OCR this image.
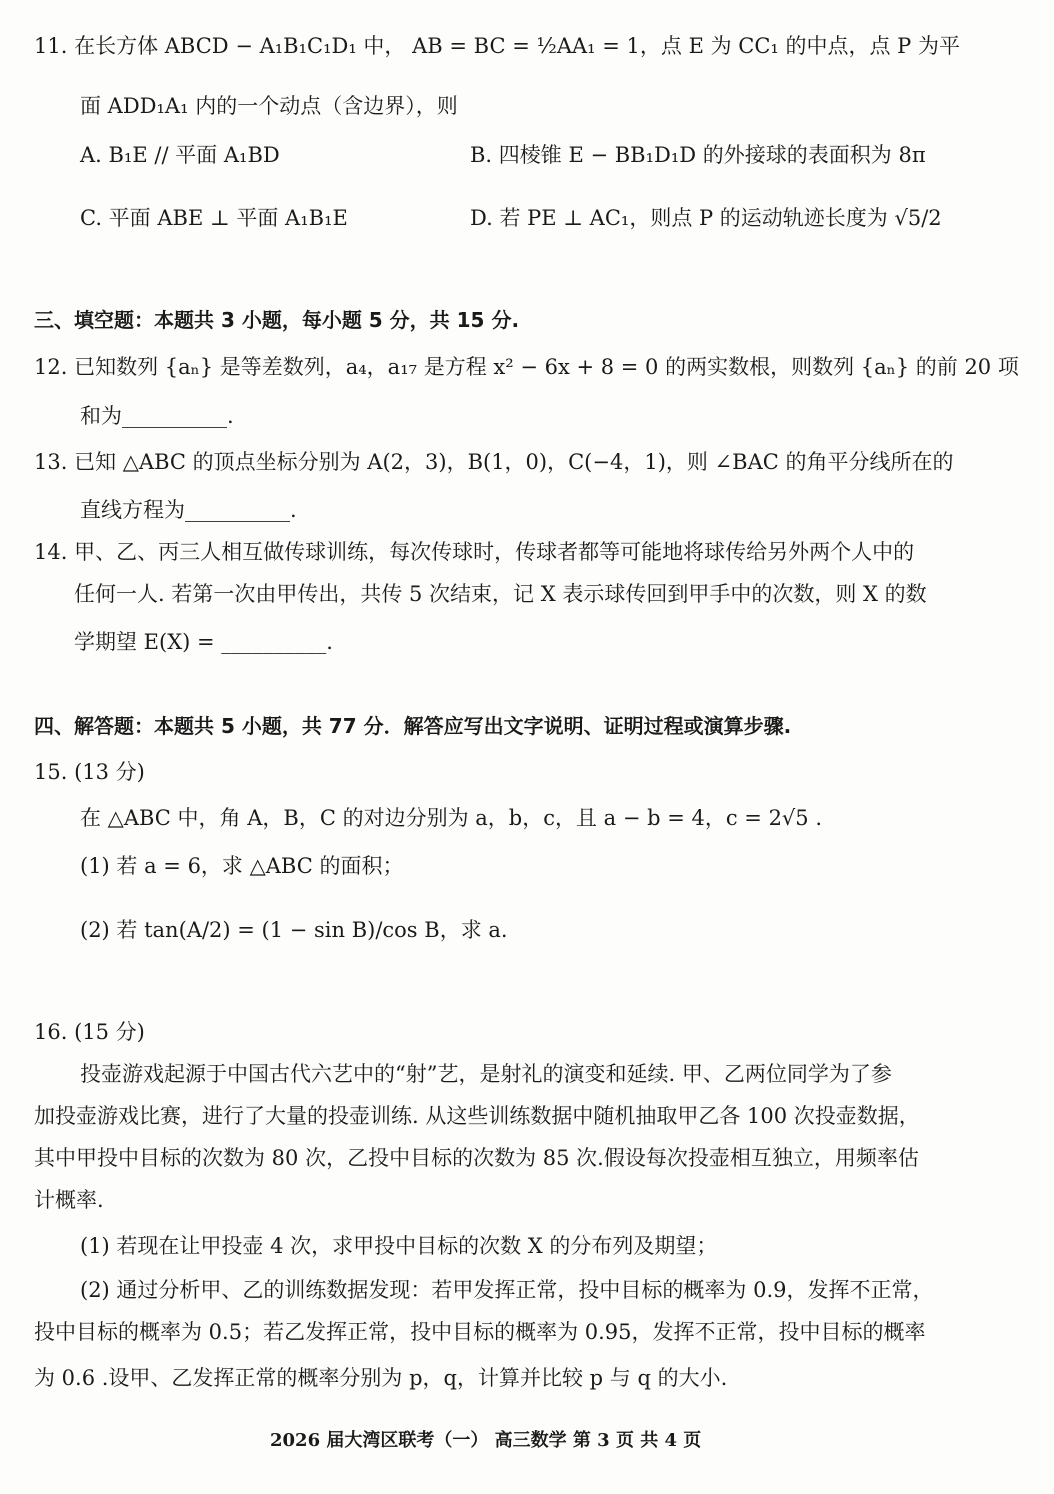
11. 在长方体 ABCD − A₁B₁C₁D₁ 中， AB = BC = ½AA₁ = 1，点 E 为 CC₁ 的中点，点 P 为平
面 ADD₁A₁ 内的一个动点（含边界），则
A. B₁E // 平面 A₁BD	B. 四棱锥 E − BB₁D₁D 的外接球的表面积为 8π
C. 平面 ABE ⊥ 平面 A₁B₁E	D. 若 PE ⊥ AC₁，则点 P 的运动轨迹长度为 √5/2
三、填空题：本题共 3 小题，每小题 5 分，共 15 分.
12. 已知数列 {aₙ} 是等差数列，a₄，a₁₇ 是方程 x² − 6x + 8 = 0 的两实数根，则数列 {aₙ} 的前 20 项
和为__________.
13. 已知 △ABC 的顶点坐标分别为 A(2，3)，B(1，0)，C(−4，1)，则 ∠BAC 的角平分线所在的
直线方程为__________.
14. 甲、乙、丙三人相互做传球训练，每次传球时，传球者都等可能地将球传给另外两个人中的
任何一人. 若第一次由甲传出，共传 5 次结束，记 X 表示球传回到甲手中的次数，则 X 的数
学期望 E(X) = __________.
四、解答题：本题共 5 小题，共 77 分．解答应写出文字说明、证明过程或演算步骤.
15. (13 分)
在 △ABC 中，角 A，B，C 的对边分别为 a，b，c，且 a − b = 4，c = 2√5 .
(1) 若 a = 6，求 △ABC 的面积；
(2) 若 tan(A/2) = (1 − sin B)/cos B，求 a.
16. (15 分)
投壶游戏起源于中国古代六艺中的“射”艺，是射礼的演变和延续. 甲、乙两位同学为了参
加投壶游戏比赛，进行了大量的投壶训练. 从这些训练数据中随机抽取甲乙各 100 次投壶数据，
其中甲投中目标的次数为 80 次，乙投中目标的次数为 85 次.假设每次投壶相互独立，用频率估
计概率.
(1) 若现在让甲投壶 4 次，求甲投中目标的次数 X 的分布列及期望；
(2) 通过分析甲、乙的训练数据发现：若甲发挥正常，投中目标的概率为 0.9，发挥不正常，
投中目标的概率为 0.5；若乙发挥正常，投中目标的概率为 0.95，发挥不正常，投中目标的概率
为 0.6 .设甲、乙发挥正常的概率分别为 p，q，计算并比较 p 与 q 的大小.
2026 届大湾区联考（一） 高三数学 第 3 页 共 4 页
